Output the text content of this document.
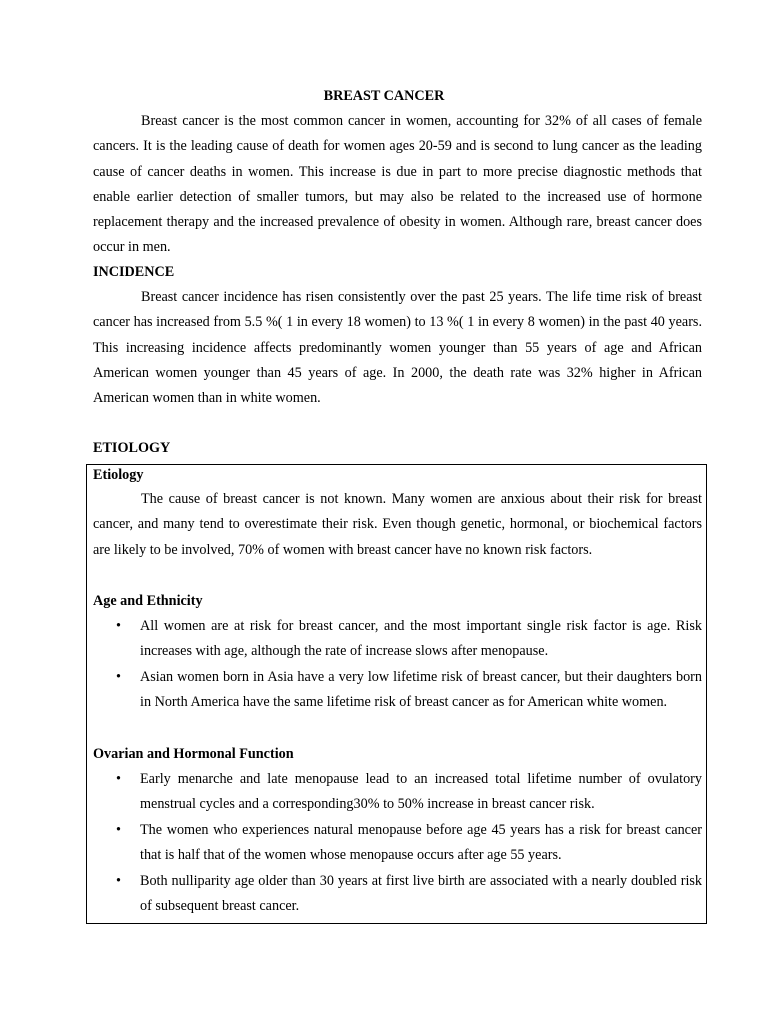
BREAST CANCER

Breast cancer is the most common cancer in women, accounting for 32% of all cases of female cancers. It is the leading cause of death for women ages 20-59 and is second to lung cancer as the leading cause of cancer deaths in women. This increase is due in part to more precise diagnostic methods that enable earlier detection of smaller tumors, but may also be related to the increased use of hormone replacement therapy and the increased prevalence of obesity in women. Although rare, breast cancer does occur in men.

INCIDENCE

Breast cancer incidence has risen consistently over the past 25 years. The life time risk of breast cancer has increased from 5.5 %( 1 in every 18 women) to 13 %( 1 in every 8 women) in the past 40 years. This increasing incidence affects predominantly women younger than 55 years of age and African American women younger than 45 years of age. In 2000, the death rate was 32% higher in African American women than in white women.

ETIOLOGY
Etiology

The cause of breast cancer is not known. Many women are anxious about their risk for breast cancer, and many tend to overestimate their risk. Even though genetic, hormonal, or biochemical factors are likely to be involved, 70% of women with breast cancer have no known risk factors.

Age and Ethnicity
• All women are at risk for breast cancer, and the most important single risk factor is age. Risk increases with age, although the rate of increase slows after menopause.
• Asian women born in Asia have a very low lifetime risk of breast cancer, but their daughters born in North America have the same lifetime risk of breast cancer as for American white women.
Ovarian and Hormonal Function
• Early menarche and late menopause lead to an increased total lifetime number of ovulatory menstrual cycles and a corresponding30% to 50% increase in breast cancer risk.
• The women who experiences natural menopause before age 45 years has a risk for breast cancer that is half that of the women whose menopause occurs after age 55 years.
• Both nulliparity age older than 30 years at first live birth are associated with a nearly doubled risk of subsequent breast cancer.
